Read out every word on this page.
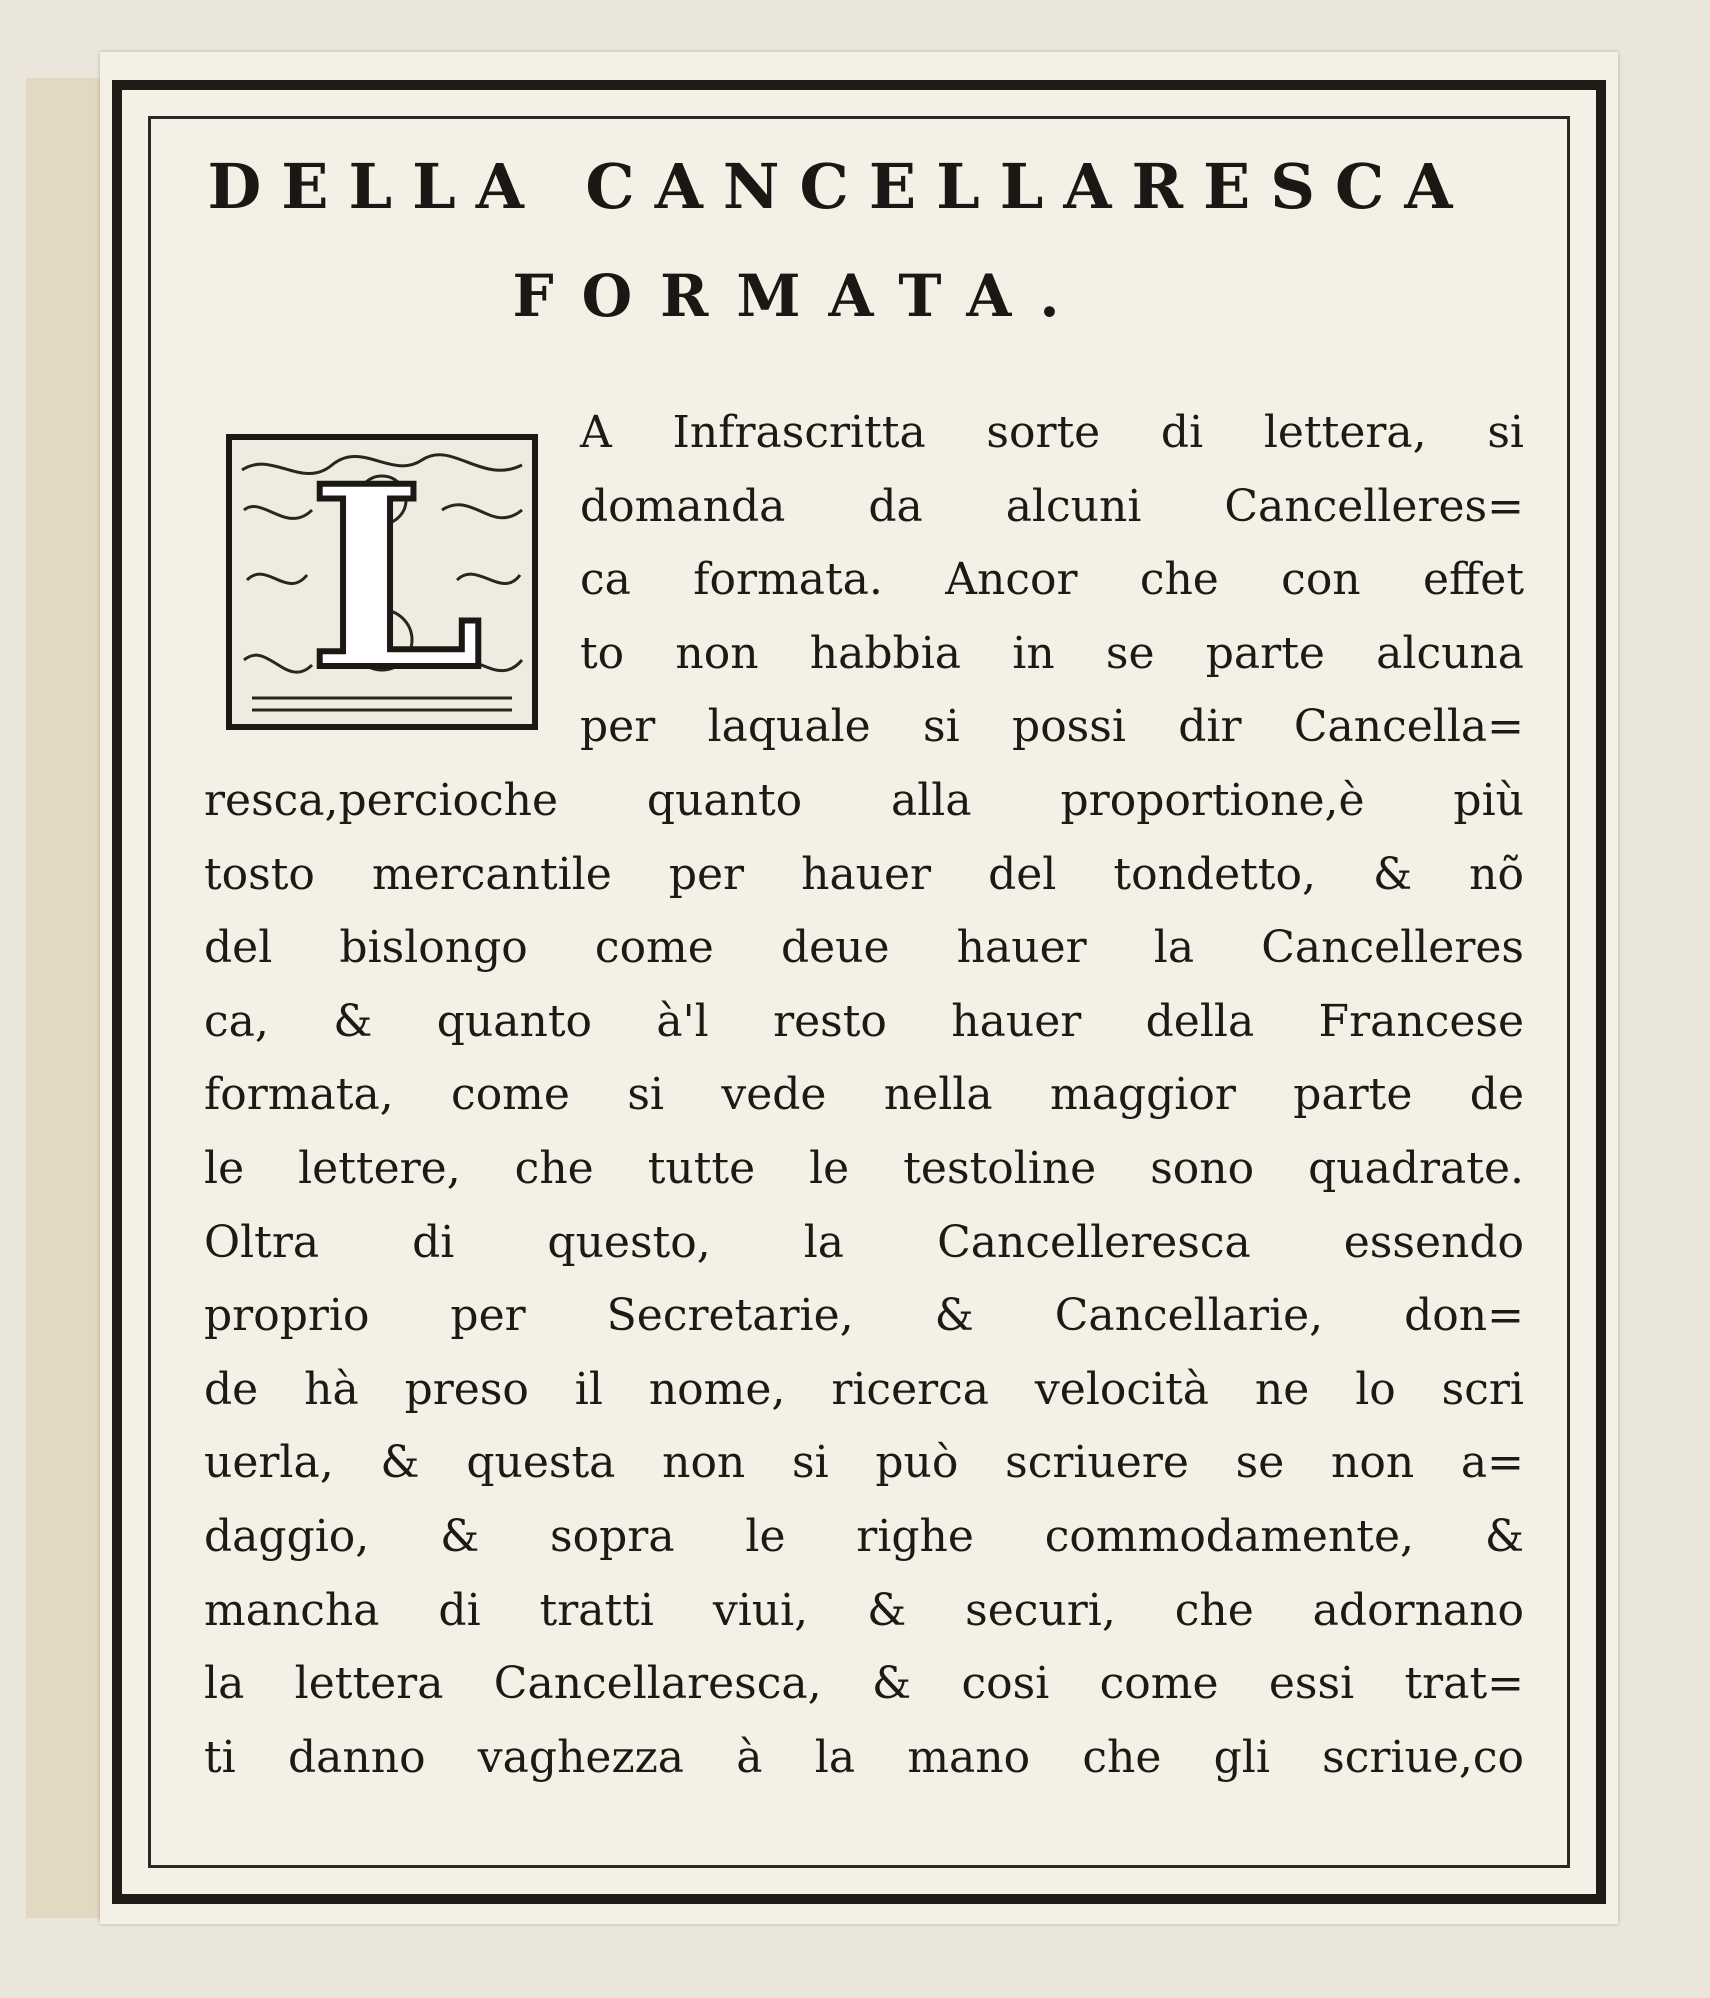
DELLA CANCELLARESCA
FORMATA.
L	A Infrascritta sorte di lettera, si
domanda da alcuni Cancelleres=
ca formata. Ancor che con effet
to non habbia in se parte alcuna
per laquale si possi dir Cancella=
resca,percioche quanto alla proportione,è più
tosto mercantile per hauer del tondetto, & nõ
del bislongo come deue hauer la Cancelleres
ca, & quanto à'l resto hauer della Francese
formata, come si vede nella maggior parte de
le lettere, che tutte le testoline sono quadrate.
Oltra di questo, la Cancelleresca essendo
proprio per Secretarie, & Cancellarie, don=
de hà preso il nome, ricerca velocità ne lo scri
uerla, & questa non si può scriuere se non a=
daggio, & sopra le righe commodamente, &
mancha di tratti viui, & securi, che adornano
la lettera Cancellaresca, & cosi come essi trat=
ti danno vaghezza à la mano che gli scriue,co
